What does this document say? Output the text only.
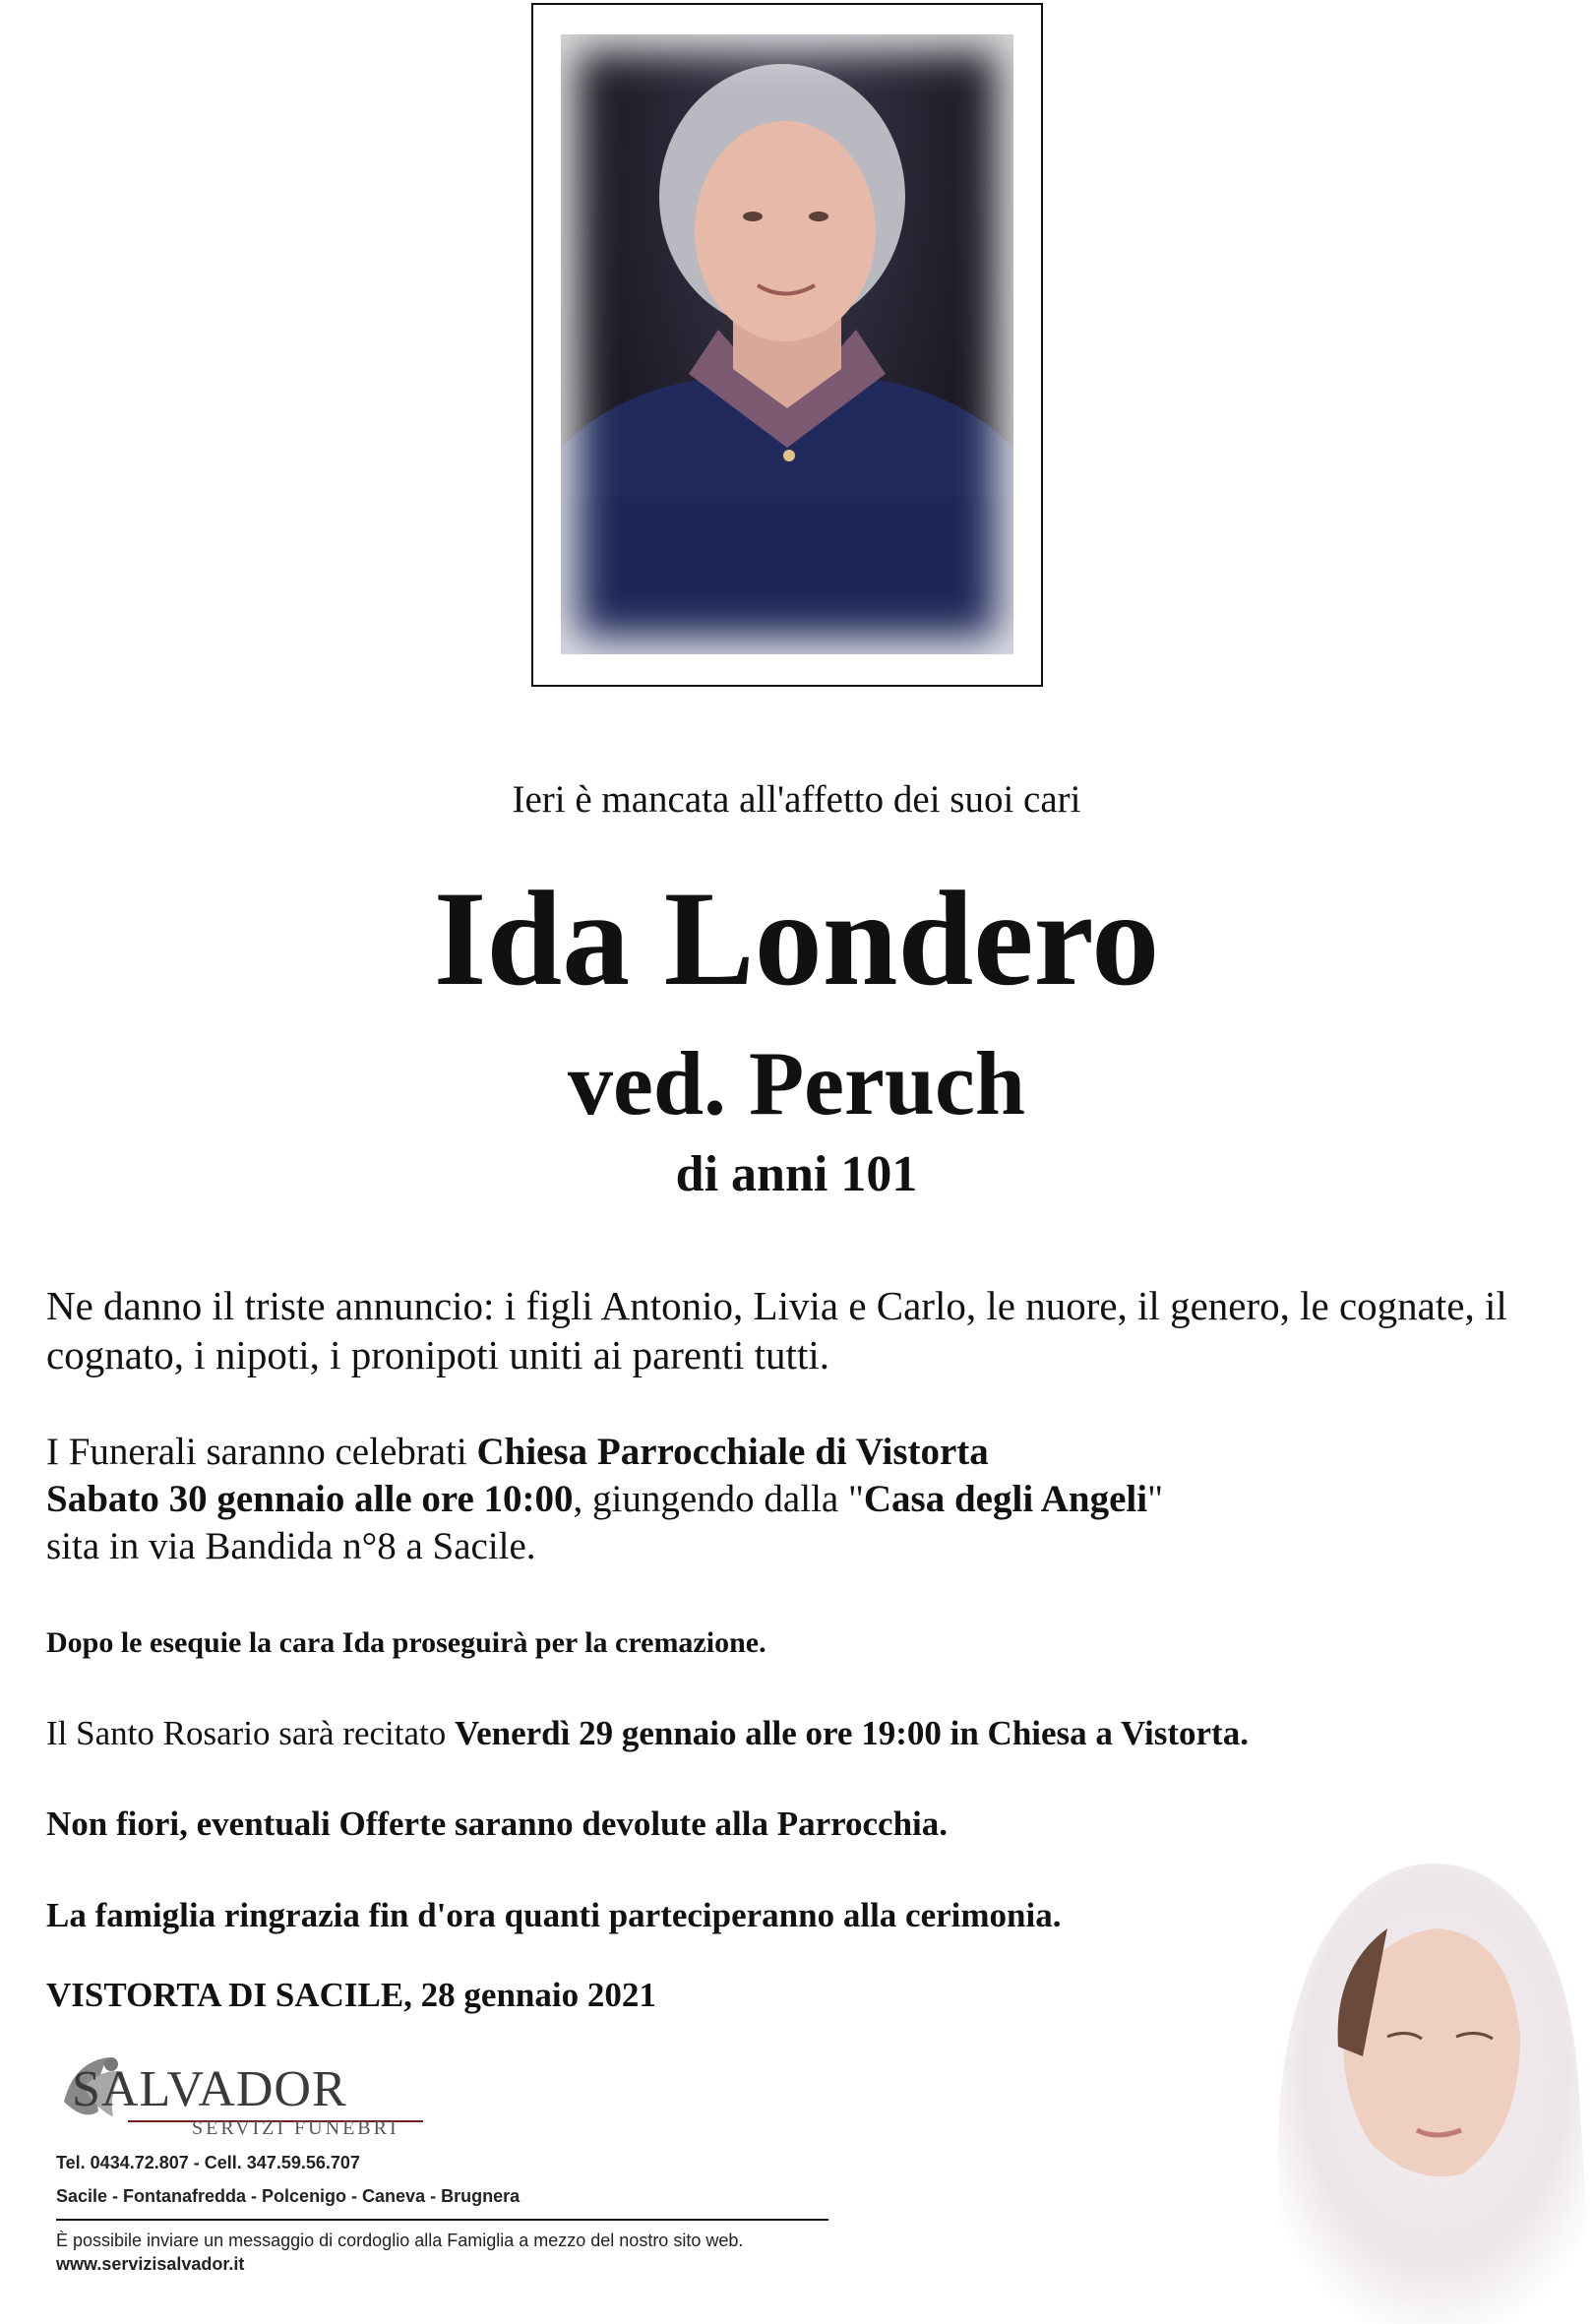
Ieri è mancata all'affetto dei suoi cari
Ida Londero
ved. Peruch
di anni 101

Ne danno il triste annuncio: i figli Antonio, Livia e Carlo, le nuore, il genero, le cognate, il cognato, i nipoti, i pronipoti uniti ai parenti tutti.

I Funerali saranno celebrati Chiesa Parrocchiale di Vistorta
Sabato 30 gennaio alle ore 10:00, giungendo dalla "Casa degli Angeli"
sita in via Bandida n°8 a Sacile.

Dopo le esequie la cara Ida proseguirà per la cremazione.

Il Santo Rosario sarà recitato Venerdì 29 gennaio alle ore 19:00 in Chiesa a Vistorta.

Non fiori, eventuali Offerte saranno devolute alla Parrocchia.

La famiglia ringrazia fin d'ora quanti parteciperanno alla cerimonia.

VISTORTA DI SACILE, 28 gennaio 2021

SALVADOR
SERVIZI FUNEBRI
Tel. 0434.72.807 - Cell. 347.59.56.707
Sacile - Fontanafredda - Polcenigo - Caneva - Brugnera
È possibile inviare un messaggio di cordoglio alla Famiglia a mezzo del nostro sito web.
www.servizisalvador.it
